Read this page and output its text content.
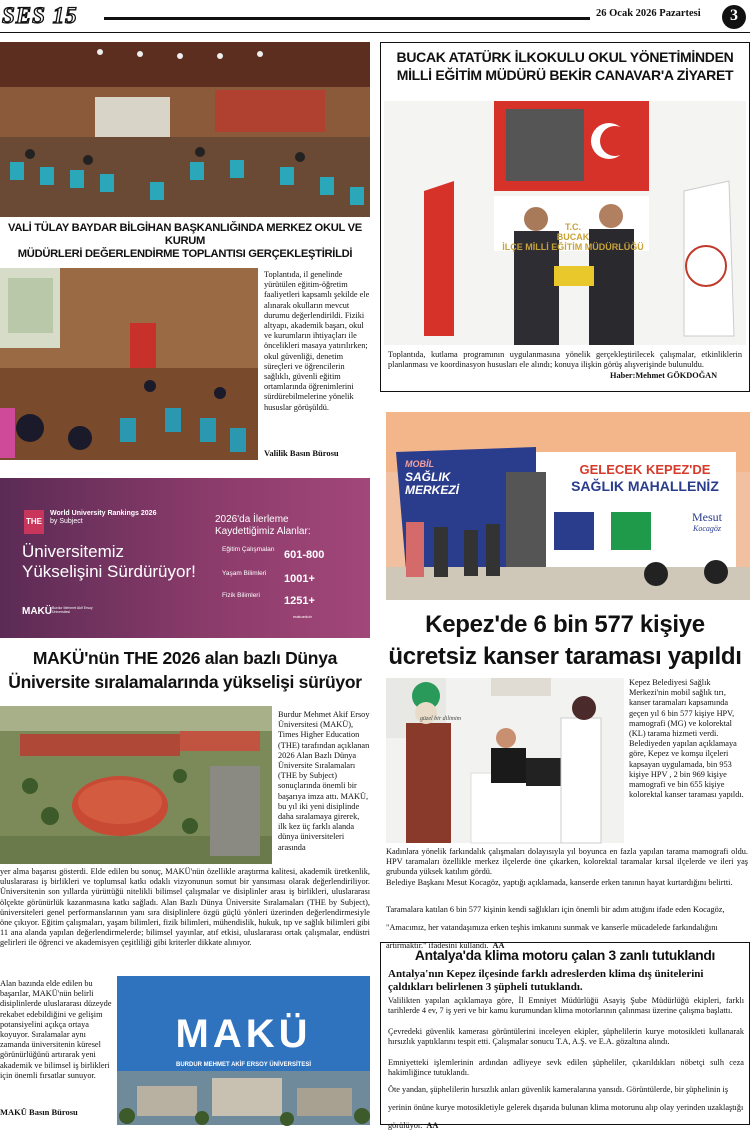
SES 15	26 Ocak 2026 Pazartesi	3
VALİ TÜLAY BAYDAR BİLGİHAN BAŞKANLIĞINDA MERKEZ OKUL VE KURUM
MÜDÜRLERİ DEĞERLENDİRME TOPLANTISI GERÇEKLEŞTİRİLDİ
Toplantıda, il genelinde yürütülen eğitim-öğretim faaliyetleri kapsamlı şekilde ele alınarak okulların mevcut durumu değerlendirildi. Fiziki altyapı, akademik başarı, okul ve kurumların ihtiyaçları ile öncelikleri masaya yatırılırken; okul güvenliği, denetim süreçleri ve öğrencilerin sağlıklı, güvenli eğitim ortamlarında öğrenimlerini sürdürebilmelerine yönelik hususlar görüşüldü.
Valilik Basın Bürosu
BUCAK ATATÜRK İLKOKULU OKUL YÖNETİMİNDEN
MİLLİ EĞİTİM MÜDÜRÜ BEKİR CANAVAR'A ZİYARET
T.C.
BUCAK
İLÇE MİLLİ EĞİTİM MÜDÜRLÜĞÜ
Toplantıda, kutlama programının uygulanmasına yönelik gerçekleştirilecek çalışmalar, etkinliklerin planlanması ve koordinasyon hususları ele alındı; konuya ilişkin görüş alışverişinde bulunuldu.
Haber:Mehmet GÖKDOĞAN
THE
World University Rankings 2026
by Subject
Üniversitemiz
Yükselişini Sürdürüyor!
MAKÜ Burdur Mehmet Akif Ersoy Üniversitesi
2026'da İlerleme
Kaydettiğimiz Alanlar:
Eğitim Çalışmaları 601-800
Yaşam Bilimleri	1001+
Fizik Bilimleri	1251+
makuedutr
MAKÜ'nün THE 2026 alan bazlı Dünya
Üniversite sıralamalarında yükselişi sürüyor
Burdur Mehmet Akif Ersoy Üniversitesi (MAKÜ), Times Higher Education (THE) tarafından açıklanan 2026 Alan Bazlı Dünya Üniversite Sıralamaları (THE by Subject) sonuçlarında önemli bir başarıya imza attı. MAKÜ, bu yıl iki yeni disiplinde daha sıralamaya girerek, ilk kez üç farklı alanda dünya üniversiteleri arasında
yer alma başarısı gösterdi. Elde edilen bu sonuç, MAKÜ'nün özellikle araştırma kalitesi, akademik üretkenlik, uluslararası iş birlikleri ve toplumsal katkı odaklı vizyonunun somut bir yansıması olarak değerlendiriliyor. Üniversitenin son yıllarda yürüttüğü nitelikli bilimsel çalışmalar ve disiplinler arası iş birlikleri, uluslararası ölçekte görünürlük kazanmasına katkı sağladı. Alan Bazlı Dünya Üniversite Sıralamaları (THE by Subject), üniversiteleri genel performanslarının yanı sıra disiplinlere özgü güçlü yönleri üzerinden değerlendirmesiyle öne çıkıyor. Eğitim çalışmaları, yaşam bilimleri, fizik bilimleri, mühendislik, hukuk, tıp ve sağlık bilimleri gibi 11 ana alanda yapılan değerlendirmelerde; bilimsel yayınlar, atıf etkisi, uluslararası ortak çalışmalar, endüstri gelirleri ile öğrenci ve akademisyen çeşitliliği gibi kriterler dikkate alınıyor.
Alan bazında elde edilen bu başarılar, MAKÜ'nün belirli disiplinlerde uluslararası düzeyde rekabet edebildiğini ve gelişim potansiyelini açıkça ortaya koyuyor. Sıralamalar aynı zamanda üniversitenin küresel görünürlüğünü artırarak yeni akademik ve bilimsel iş birlikleri için önemli fırsatlar sunuyor.
MAKÜ Basın Bürosu
MAKÜ
BURDUR MEHMET AKİF ERSOY ÜNİVERSİTESİ
MOBİL
SAĞLIK
MERKEZİ
GELECEK KEPEZ'DE
SAĞLIK MAHALLENİZ
Mesut
Kocagöz
Kepez'de 6 bin 577 kişiye
ücretsiz kanser taraması yapıldı
güzel bir dilimim
Kepez Belediyesi Sağlık Merkezi'nin mobil sağlık tırı, kanser taramaları kapsamında geçen yıl 6 bin 577 kişiye HPV, mamografi (MG) ve kolorektal (KL) tarama hizmeti verdi. Belediyeden yapılan açıklamaya göre, Kepez ve komşu ilçeleri kapsayan uygulamada, bin 953 kişiye HPV , 2 bin 969 kişiye mamografi ve bin 655 kişiye kolorektal kanser taraması yapıldı.
Kadınlara yönelik farkındalık çalışmaları dolayısıyla yıl boyunca en fazla yapılan tarama mamografi oldu. HPV taramaları özellikle merkez ilçelerde öne çıkarken, kolorektal taramalar kırsal ilçelerde ve ileri yaş grubunda yüksek katılım gördü.
Belediye Başkanı Mesut Kocagöz, yaptığı açıklamada, kanserde erken tanının hayat kurtardığını belirtti.
Taramalara katılan 6 bin 577 kişinin kendi sağlıkları için önemli bir adım attığını ifade eden Kocagöz, "Amacımız, her vatandaşımıza erken teşhis imkanını sunmak ve kanserle mücadelede farkındalığını artırmaktır." ifadesini kullandı. AA
Antalya'da klima motoru çalan 3 zanlı tutuklandı
Antalya'nın Kepez ilçesinde farklı adreslerden klima dış ünitelerini çaldıkları belirlenen 3 şüpheli tutuklandı.
Valilikten yapılan açıklamaya göre, İl Emniyet Müdürlüğü Asayiş Şube Müdürlüğü ekipleri, farklı tarihlerde 4 ev, 7 iş yeri ve bir kamu kurumundan klima motorlarının çalınması üzerine çalışma başlattı.
Çevredeki güvenlik kamerası görüntülerini inceleyen ekipler, şüphelilerin kurye motosikleti kullanarak hırsızlık yaptıklarını tespit etti. Çalışmalar sonucu T.A, A.Ş. ve E.A. gözaltına alındı.
Emniyetteki işlemlerinin ardından adliyeye sevk edilen şüpheliler, çıkarıldıkları nöbetçi sulh ceza hakimliğince tutuklandı.
Öte yandan, şüphelilerin hırsızlık anları güvenlik kameralarına yansıdı. Görüntülerde, bir şüphelinin iş yerinin önüne kurye motosikletiyle gelerek dışarıda bulunan klima motorunu alıp olay yerinden uzaklaştığı görülüyor. AA
